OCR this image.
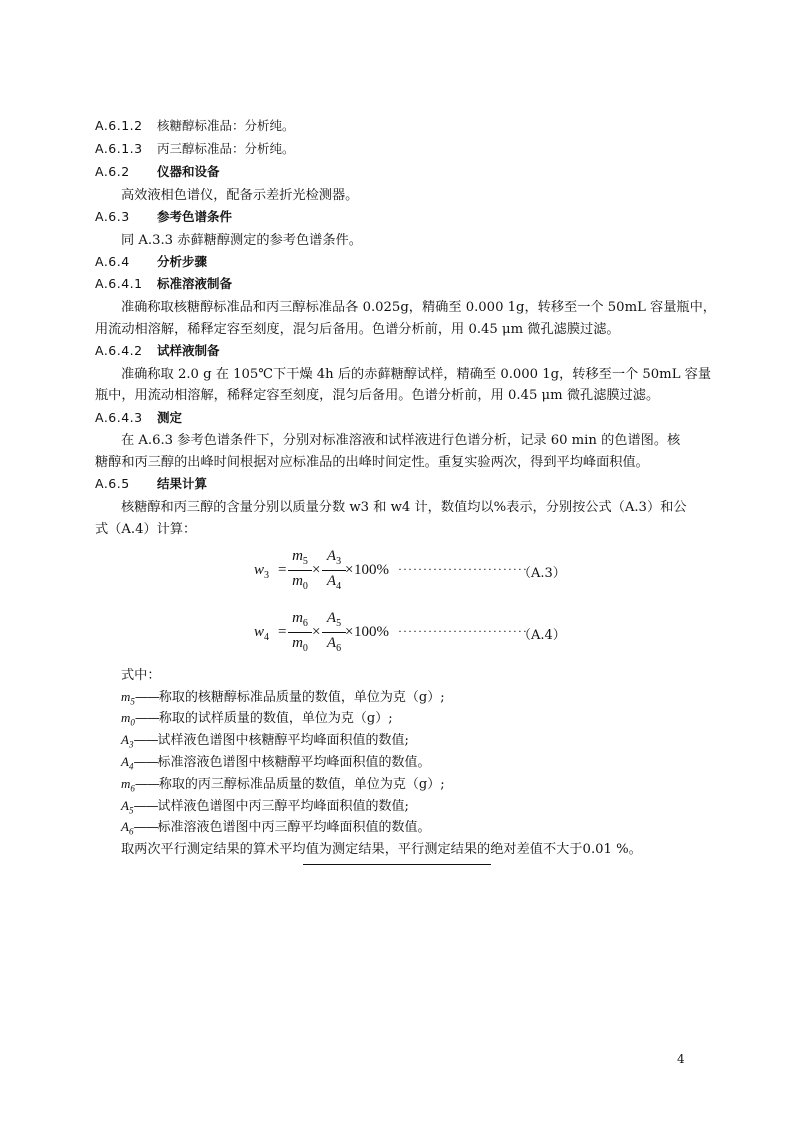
A.6.1.2 核糖醇标准品：分析纯。
A.6.1.3 丙三醇标准品：分析纯。
A.6.2 仪器和设备
高效液相色谱仪，配备示差折光检测器。
A.6.3 参考色谱条件
同 A.3.3 赤藓糖醇测定的参考色谱条件。
A.6.4 分析步骤
A.6.4.1 标准溶液制备
准确称取核糖醇标准品和丙三醇标准品各 0.025g，精确至 0.000 1g，转移至一个 50mL 容量瓶中，
用流动相溶解，稀释定容至刻度，混匀后备用。色谱分析前，用 0.45 μm 微孔滤膜过滤。
A.6.4.2 试样液制备
准确称取 2.0 g 在 105℃下干燥 4h 后的赤藓糖醇试样，精确至 0.000 1g，转移至一个 50mL 容量
瓶中，用流动相溶解，稀释定容至刻度，混匀后备用。色谱分析前，用 0.45 μm 微孔滤膜过滤。
A.6.4.3 测定
在 A.6.3 参考色谱条件下，分别对标准溶液和试样液进行色谱分析，记录 60 min 的色谱图。核
糖醇和丙三醇的出峰时间根据对应标准品的出峰时间定性。重复实验两次，得到平均峰面积值。
A.6.5 结果计算
核糖醇和丙三醇的含量分别以质量分数 w3 和 w4 计，数值均以%表示，分别按公式（A.3）和公
式（A.4）计算：
$w_3$ =
$m_5$
$m_0$
×
$A_3$
$A_4$
× 100% ··························
（A.3）
$w_4$ =
$m_6$
$m_0$
×
$A_5$
$A_6$
× 100% ··························
（A.4）
式中：
$m_5——$称取的核糖醇标准品质量的数值，单位为克（g）;
$m_0——$称取的试样质量的数值，单位为克（g）;
$A_3——$试样液色谱图中核糖醇平均峰面积值的数值;
$A_4——$标准溶液色谱图中核糖醇平均峰面积值的数值。
$m_6——$称取的丙三醇标准品质量的数值，单位为克（g）;
$A_5——$试样液色谱图中丙三醇平均峰面积值的数值;
$A_6——$标准溶液色谱图中丙三醇平均峰面积值的数值。
取两次平行测定结果的算术平均值为测定结果，平行测定结果的绝对差值不大于0.01 %。
4
